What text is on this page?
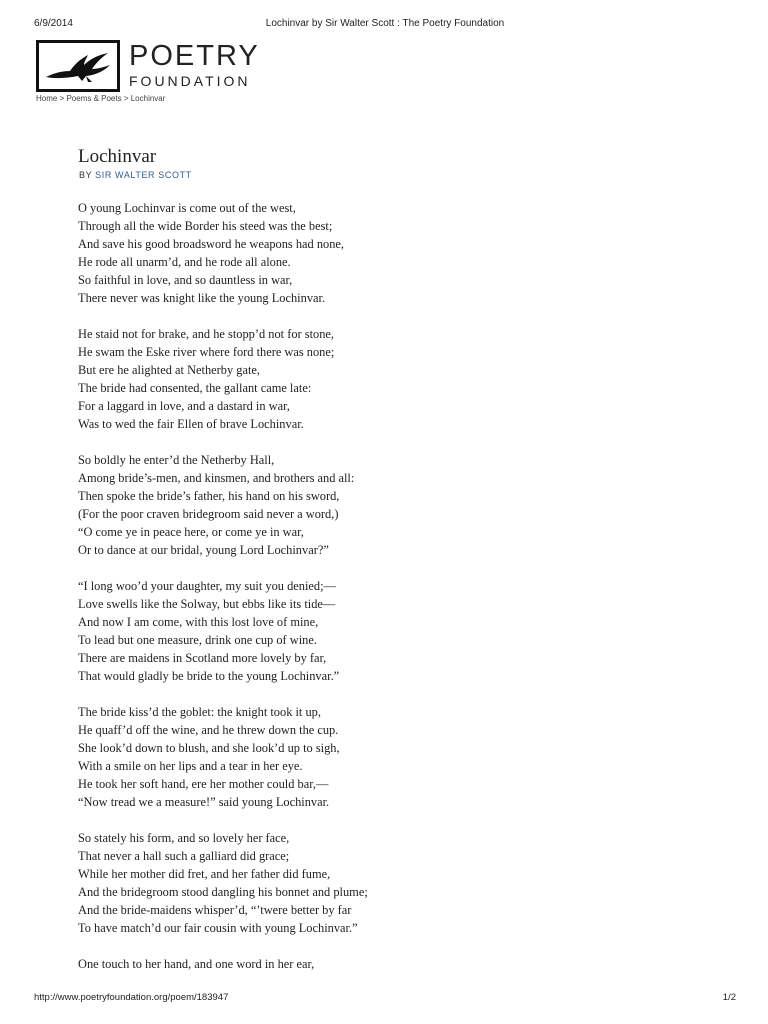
6/9/2014	Lochinvar by Sir Walter Scott : The Poetry Foundation
POETRY
FOUNDATION
Home > Poems & Poets > Lochinvar
Lochinvar
BY SIR WALTER SCOTT
O young Lochinvar is come out of the west,
Through all the wide Border his steed was the best;
And save his good broadsword he weapons had none,
He rode all unarm’d, and he rode all alone.
So faithful in love, and so dauntless in war,
There never was knight like the young Lochinvar.
He staid not for brake, and he stopp’d not for stone,
He swam the Eske river where ford there was none;
But ere he alighted at Netherby gate,
The bride had consented, the gallant came late:
For a laggard in love, and a dastard in war,
Was to wed the fair Ellen of brave Lochinvar.
So boldly he enter’d the Netherby Hall,
Among bride’s-men, and kinsmen, and brothers and all:
Then spoke the bride’s father, his hand on his sword,
(For the poor craven bridegroom said never a word,)
“O come ye in peace here, or come ye in war,
Or to dance at our bridal, young Lord Lochinvar?”
“I long woo’d your daughter, my suit you denied;—
Love swells like the Solway, but ebbs like its tide—
And now I am come, with this lost love of mine,
To lead but one measure, drink one cup of wine.
There are maidens in Scotland more lovely by far,
That would gladly be bride to the young Lochinvar.”
The bride kiss’d the goblet: the knight took it up,
He quaff’d off the wine, and he threw down the cup.
She look’d down to blush, and she look’d up to sigh,
With a smile on her lips and a tear in her eye.
He took her soft hand, ere her mother could bar,—
“Now tread we a measure!” said young Lochinvar.
So stately his form, and so lovely her face,
That never a hall such a galliard did grace;
While her mother did fret, and her father did fume,
And the bridegroom stood dangling his bonnet and plume;
And the bride-maidens whisper’d, “’twere better by far
To have match’d our fair cousin with young Lochinvar.”
One touch to her hand, and one word in her ear,
http://www.poetryfoundation.org/poem/183947	1/2
